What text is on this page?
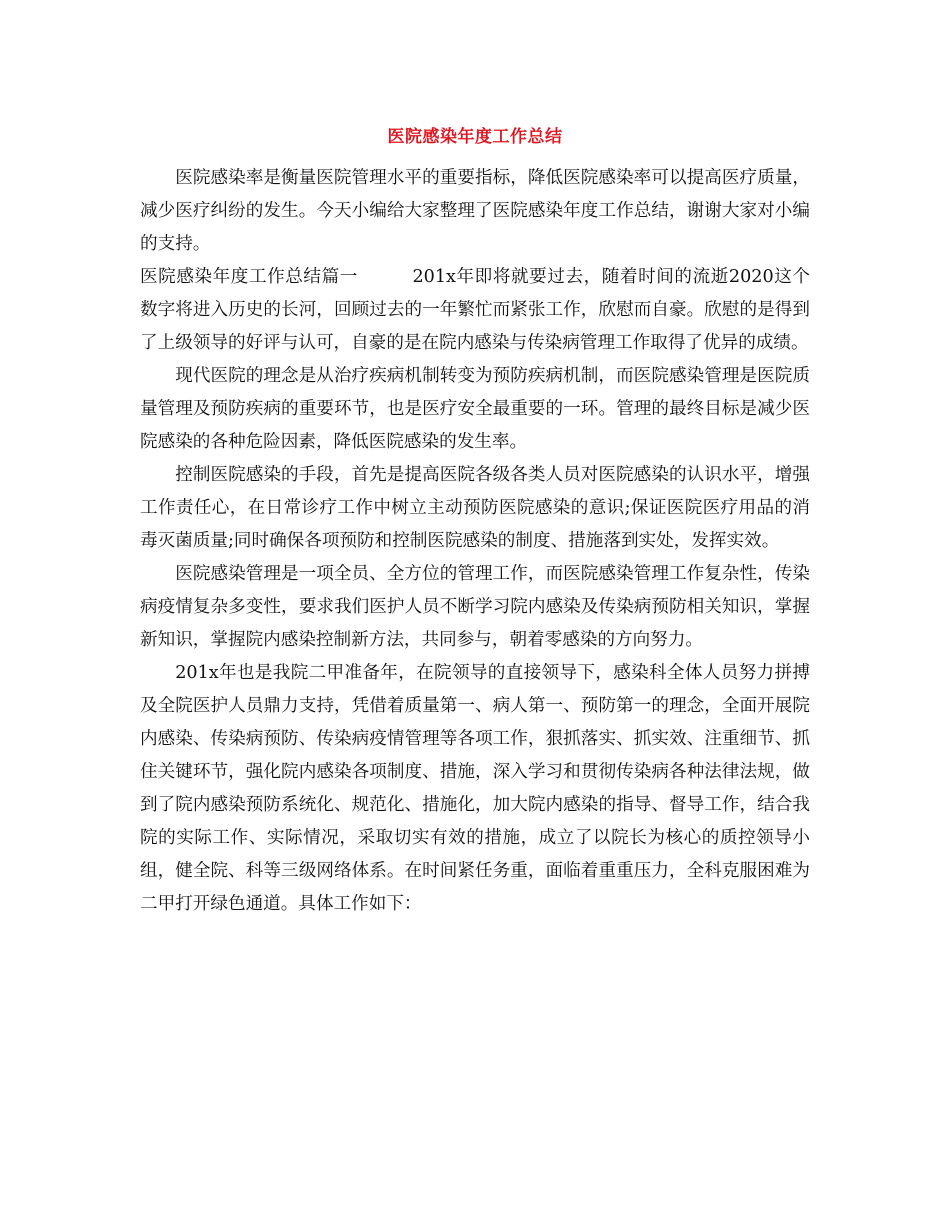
医院感染年度工作总结

医院感染率是衡量医院管理水平的重要指标，降低医院感染率可以提高医疗质量，减少医疗纠纷的发生。今天小编给大家整理了医院感染年度工作总结，谢谢大家对小编的支持。

医院感染年度工作总结篇一	201x年即将就要过去，随着时间的流逝2020这个数字将进入历史的长河，回顾过去的一年繁忙而紧张工作，欣慰而自豪。欣慰的是得到了上级领导的好评与认可，自豪的是在院内感染与传染病管理工作取得了优异的成绩。

现代医院的理念是从治疗疾病机制转变为预防疾病机制，而医院感染管理是医院质量管理及预防疾病的重要环节，也是医疗安全最重要的一环。管理的最终目标是减少医院感染的各种危险因素，降低医院感染的发生率。

控制医院感染的手段，首先是提高医院各级各类人员对医院感染的认识水平，增强工作责任心，在日常诊疗工作中树立主动预防医院感染的意识;保证医院医疗用品的消毒灭菌质量;同时确保各项预防和控制医院感染的制度、措施落到实处，发挥实效。

医院感染管理是一项全员、全方位的管理工作，而医院感染管理工作复杂性，传染病疫情复杂多变性，要求我们医护人员不断学习院内感染及传染病预防相关知识，掌握新知识，掌握院内感染控制新方法，共同参与，朝着零感染的方向努力。

201x年也是我院二甲准备年，在院领导的直接领导下，感染科全体人员努力拼搏及全院医护人员鼎力支持，凭借着质量第一、病人第一、预防第一的理念，全面开展院内感染、传染病预防、传染病疫情管理等各项工作，狠抓落实、抓实效、注重细节、抓住关键环节，强化院内感染各项制度、措施，深入学习和贯彻传染病各种法律法规，做到了院内感染预防系统化、规范化、措施化，加大院内感染的指导、督导工作，结合我院的实际工作、实际情况，采取切实有效的措施，成立了以院长为核心的质控领导小组，健全院、科等三级网络体系。在时间紧任务重，面临着重重压力，全科克服困难为二甲打开绿色通道。具体工作如下：
